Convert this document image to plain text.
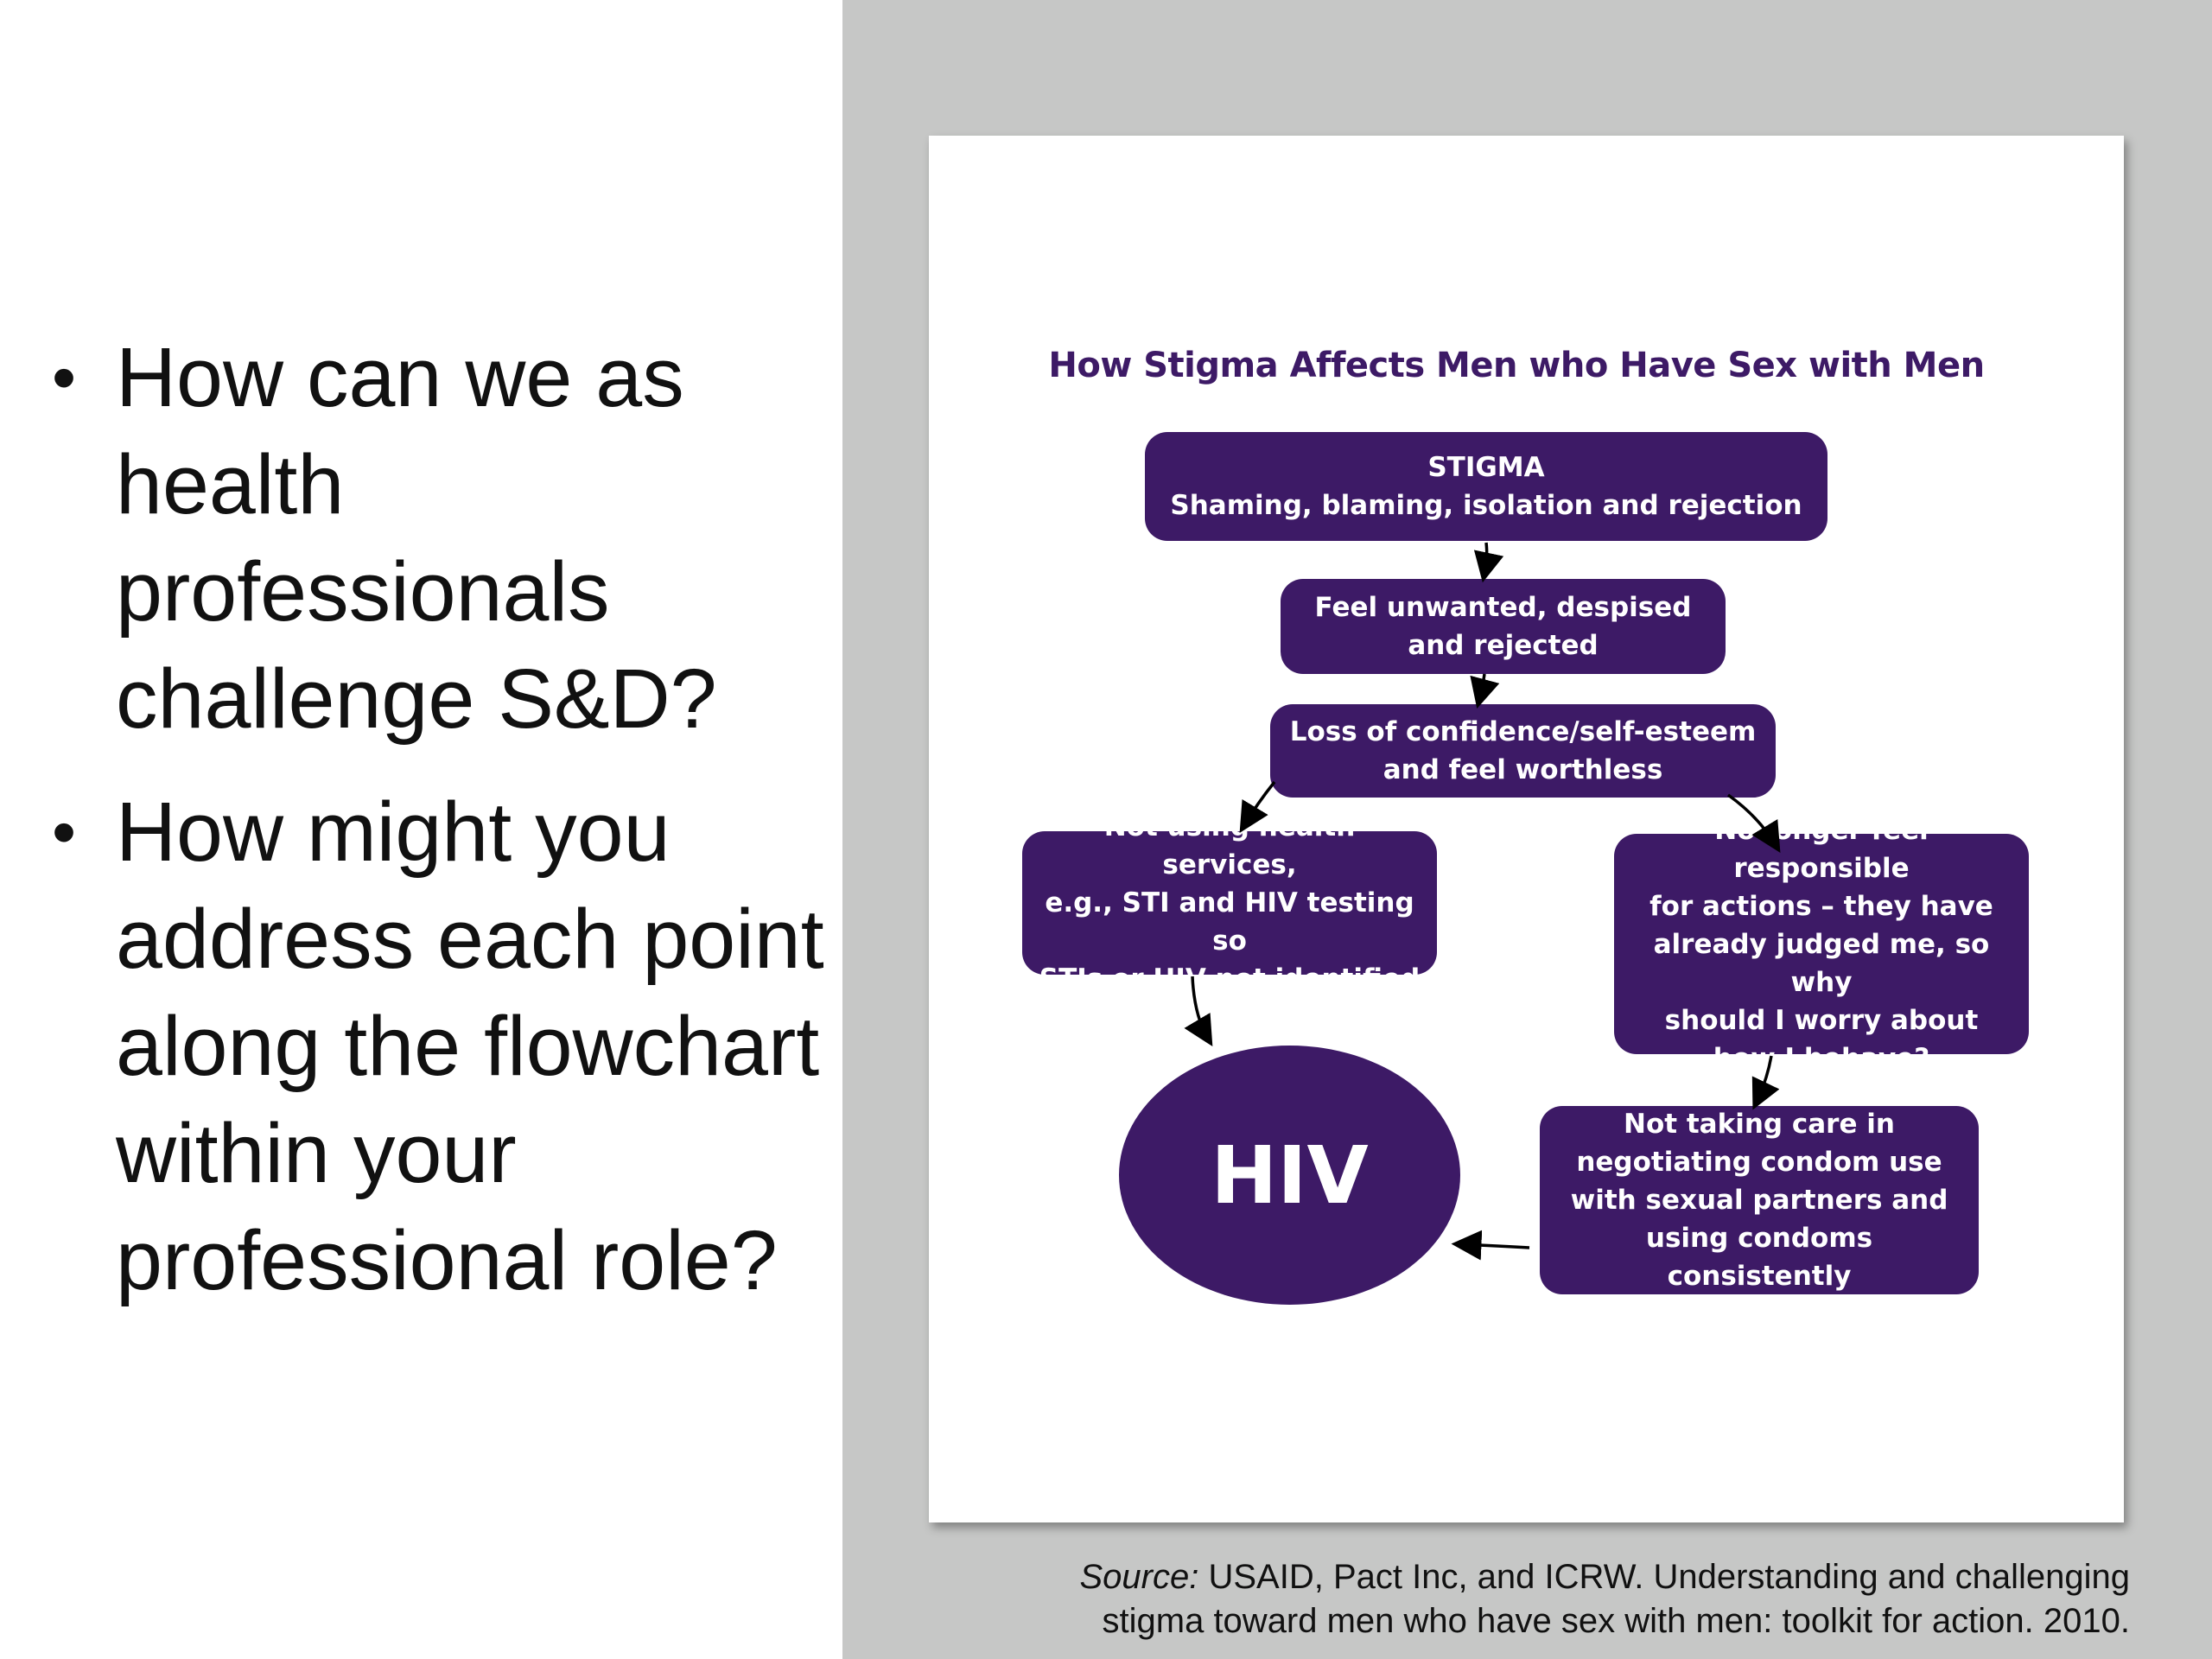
• How can we as health professionals challenge S&D?
• How might you address each point along the flowchart within your professional role?
How Stigma Affects Men who Have Sex with Men
STIGMA
Shaming, blaming, isolation and rejection
Feel unwanted, despised
and rejected
Loss of confidence/self-esteem
and feel worthless
Not using health services,
e.g., STI and HIV testing so
STIs or HIV not identified
No longer feel responsible
for actions – they have
already judged me, so why
should I worry about
how I behave?
Not taking care in
negotiating condom use
with sexual partners and
using condoms consistently
HIV
Source: USAID, Pact Inc, and ICRW. Understanding and challenging
stigma toward men who have sex with men: toolkit for action. 2010.
